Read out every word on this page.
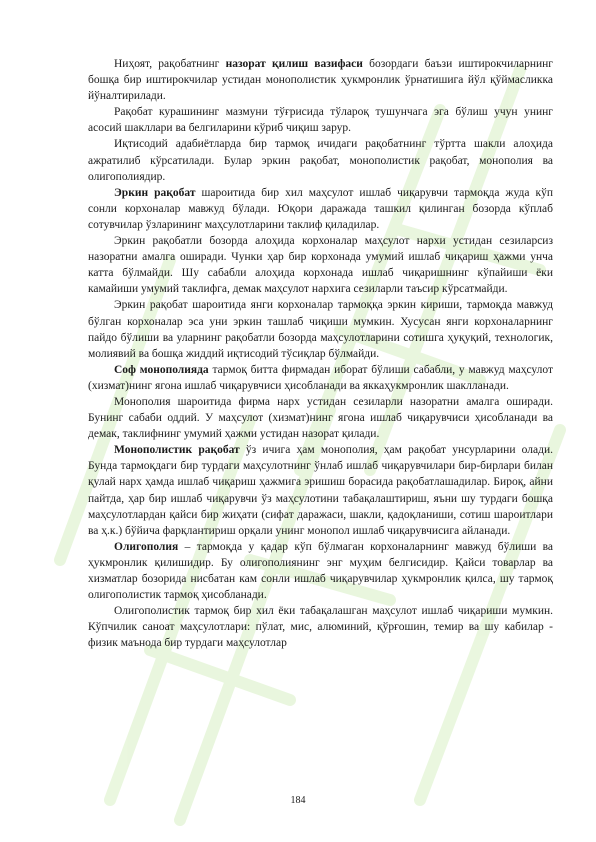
Ниҳоят, рақобатнинг назорат қилиш вазифаси бозордаги баъзи иштирокчиларнинг бошқа бир иштирокчилар устидан монополистик ҳукмронлик ўрнатишига йўл қўймасликка йўналтирилади.

Рақобат курашининг мазмуни тўғрисида тўлароқ тушунчага эга бўлиш учун унинг асосий шакллари ва белгиларини кўриб чиқиш зарур.

Иқтисодий адабиётларда бир тармоқ ичидаги рақобатнинг тўртта шакли алоҳида ажратилиб кўрсатилади. Булар эркин рақобат, монополистик рақобат, монополия ва олигополиядир.

Эркин рақобат шароитида бир хил маҳсулот ишлаб чиқарувчи тармоқда жуда кўп сонли корхоналар мавжуд бўлади. Юқори даражада ташкил қилинган бозорда кўплаб сотувчилар ўзларининг маҳсулотларини таклиф қиладилар.

Эркин рақобатли бозорда алоҳида корхоналар маҳсулот нархи устидан сезиларсиз назоратни амалга оширади. Чунки ҳар бир корхонада умумий ишлаб чиқариш ҳажми унча катта бўлмайди. Шу сабабли алоҳида корхонада ишлаб чиқаришнинг кўпайиши ёки камайиши умумий таклифга, демак маҳсулот нархига сезиларли таъсир кўрсатмайди.

Эркин рақобат шароитида янги корхоналар тармоққа эркин кириши, тармоқда мавжуд бўлган корхоналар эса уни эркин ташлаб чиқиши мумкин. Хусусан янги корхоналарнинг пайдо бўлиши ва уларнинг рақобатли бозорда маҳсулотларини сотишга ҳуқуқий, технологик, молиявий ва бошқа жиддий иқтисодий тўсиқлар бўлмайди.

Соф монополияда тармоқ битта фирмадан иборат бўлиши сабабли, у мавжуд маҳсулот (хизмат)нинг ягона ишлаб чиқарувчиси ҳисобланади ва яккаҳукмронлик шаклланади.

Монополия шароитида фирма нарх устидан сезиларли назоратни амалга оширади. Бунинг сабаби оддий. У маҳсулот (хизмат)нинг ягона ишлаб чиқарувчиси ҳисобланади ва демак, таклифнинг умумий ҳажми устидан назорат қилади.

Монополистик рақобат ўз ичига ҳам монополия, ҳам рақобат унсурларини олади. Бунда тармоқдаги бир турдаги маҳсулотнинг ўнлаб ишлаб чиқарувчилари бир-бирлари билан қулай нарх ҳамда ишлаб чиқариш ҳажмига эришиш борасида рақобатлашадилар. Бироқ, айни пайтда, ҳар бир ишлаб чиқарувчи ўз маҳсулотини табақалаштириш, яъни шу турдаги бошқа маҳсулотлардан қайси бир жиҳати (сифат даражаси, шакли, қадоқланиши, сотиш шароитлари ва ҳ.к.) бўйича фарқлантириш орқали унинг монопол ишлаб чиқарувчисига айланади.

Олигополия – тармоқда у қадар кўп бўлмаган корхоналарнинг мавжуд бўлиши ва ҳукмронлик қилишидир. Бу олигополиянинг энг муҳим белгисидир. Қайси товарлар ва хизматлар бозорида нисбатан кам сонли ишлаб чиқарувчилар ҳукмронлик қилса, шу тармоқ олигополистик тармоқ ҳисобланади.

Олигополистик тармоқ бир хил ёки табақалашган маҳсулот ишлаб чиқариши мумкин. Кўпчилик саноат маҳсулотлари: пўлат, мис, алюминий, қўрғошин, темир ва шу кабилар - физик маънода бир турдаги маҳсулотлар

184
